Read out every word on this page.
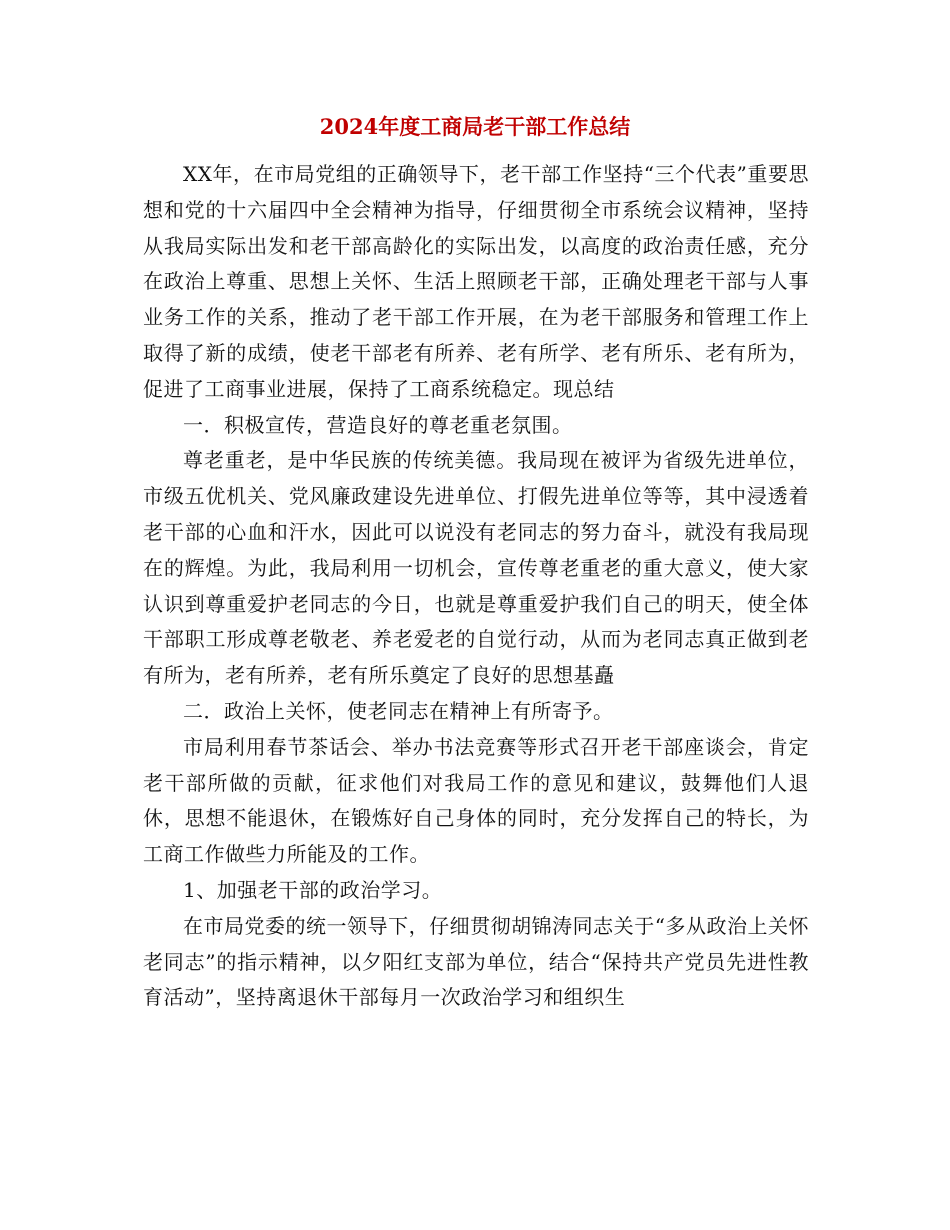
2024年度工商局老干部工作总结

XX年，在市局党组的正确领导下，老干部工作坚持“三个代表”重要思想和党的十六届四中全会精神为指导，仔细贯彻全市系统会议精神，坚持从我局实际出发和老干部高龄化的实际出发，以高度的政治责任感，充分在政治上尊重、思想上关怀、生活上照顾老干部，正确处理老干部与人事业务工作的关系，推动了老干部工作开展，在为老干部服务和管理工作上取得了新的成绩，使老干部老有所养、老有所学、老有所乐、老有所为，促进了工商事业进展，保持了工商系统稳定。现总结

一．积极宣传，营造良好的尊老重老氛围。

尊老重老，是中华民族的传统美德。我局现在被评为省级先进单位，市级五优机关、党风廉政建设先进单位、打假先进单位等等，其中浸透着老干部的心血和汗水，因此可以说没有老同志的努力奋斗，就没有我局现在的辉煌。为此，我局利用一切机会，宣传尊老重老的重大意义，使大家认识到尊重爱护老同志的今日，也就是尊重爱护我们自己的明天，使全体干部职工形成尊老敬老、养老爱老的自觉行动，从而为老同志真正做到老有所为，老有所养，老有所乐奠定了良好的思想基矗

二．政治上关怀，使老同志在精神上有所寄予。

市局利用春节茶话会、举办书法竞赛等形式召开老干部座谈会，肯定老干部所做的贡献，征求他们对我局工作的意见和建议，鼓舞他们人退休，思想不能退休，在锻炼好自己身体的同时，充分发挥自己的特长，为工商工作做些力所能及的工作。

1、加强老干部的政治学习。

在市局党委的统一领导下，仔细贯彻胡锦涛同志关于“多从政治上关怀老同志”的指示精神，以夕阳红支部为单位，结合“保持共产党员先进性教育活动”，坚持离退休干部每月一次政治学习和组织生
